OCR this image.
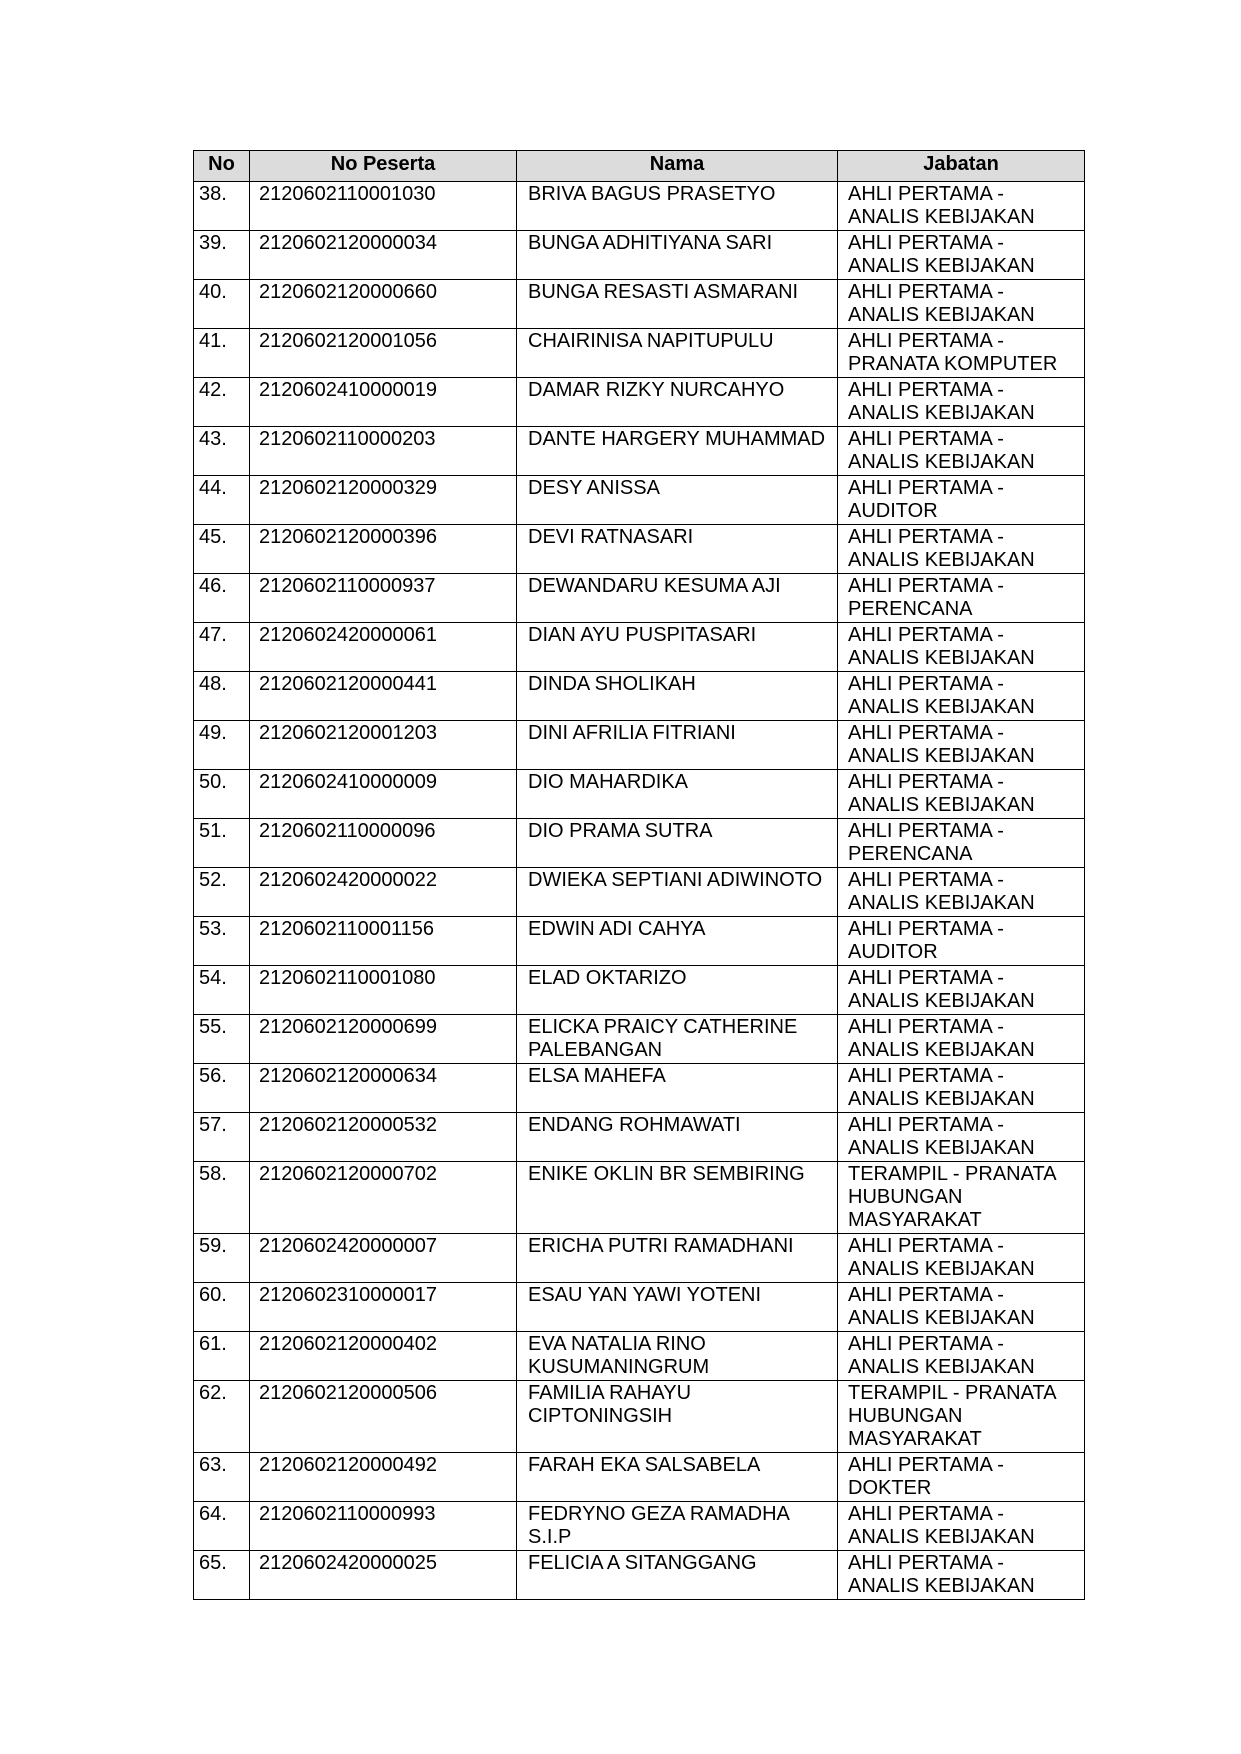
No	No Peserta	Nama	Jabatan
38.	2120602110001030	BRIVA BAGUS PRASETYO	AHLI PERTAMA -
ANALIS KEBIJAKAN

39.	2120602120000034	BUNGA ADHITIYANA SARI	AHLI PERTAMA -
ANALIS KEBIJAKAN

40.	2120602120000660	BUNGA RESASTI ASMARANI	AHLI PERTAMA -
ANALIS KEBIJAKAN

41.	2120602120001056	CHAIRINISA NAPITUPULU	AHLI PERTAMA -
PRANATA KOMPUTER

42.	2120602410000019	DAMAR RIZKY NURCAHYO	AHLI PERTAMA -
ANALIS KEBIJAKAN

43.	2120602110000203	DANTE HARGERY MUHAMMAD	AHLI PERTAMA -
ANALIS KEBIJAKAN

44.	2120602120000329	DESY ANISSA	AHLI PERTAMA -
AUDITOR

45.	2120602120000396	DEVI RATNASARI	AHLI PERTAMA -
ANALIS KEBIJAKAN

46.	2120602110000937	DEWANDARU KESUMA AJI	AHLI PERTAMA -
PERENCANA

47.	2120602420000061	DIAN AYU PUSPITASARI	AHLI PERTAMA -
ANALIS KEBIJAKAN

48.	2120602120000441	DINDA SHOLIKAH	AHLI PERTAMA -
ANALIS KEBIJAKAN

49.	2120602120001203	DINI AFRILIA FITRIANI	AHLI PERTAMA -
ANALIS KEBIJAKAN

50.	2120602410000009	DIO MAHARDIKA	AHLI PERTAMA -
ANALIS KEBIJAKAN

51.	2120602110000096	DIO PRAMA SUTRA	AHLI PERTAMA -
PERENCANA

52.	2120602420000022	DWIEKA SEPTIANI ADIWINOTO	AHLI PERTAMA -
ANALIS KEBIJAKAN

53.	2120602110001156	EDWIN ADI CAHYA	AHLI PERTAMA -
AUDITOR

54.	2120602110001080	ELAD OKTARIZO	AHLI PERTAMA -
ANALIS KEBIJAKAN

55.	2120602120000699	ELICKA PRAICY CATHERINE PALEBANGAN	AHLI PERTAMA -
ANALIS KEBIJAKAN

56.	2120602120000634	ELSA MAHEFA	AHLI PERTAMA -
ANALIS KEBIJAKAN

57.	2120602120000532	ENDANG ROHMAWATI	AHLI PERTAMA -
ANALIS KEBIJAKAN

58.	2120602120000702	ENIKE OKLIN BR SEMBIRING	TERAMPIL - PRANATA
HUBUNGAN
MASYARAKAT

59.	2120602420000007	ERICHA PUTRI RAMADHANI	AHLI PERTAMA -
ANALIS KEBIJAKAN

60.	2120602310000017	ESAU YAN YAWI YOTENI	AHLI PERTAMA -
ANALIS KEBIJAKAN

61.	2120602120000402	EVA NATALIA RINO KUSUMANINGRUM	AHLI PERTAMA -
ANALIS KEBIJAKAN

62.	2120602120000506	FAMILIA RAHAYU CIPTONINGSIH	TERAMPIL - PRANATA
HUBUNGAN
MASYARAKAT

63.	2120602120000492	FARAH EKA SALSABELA	AHLI PERTAMA -
DOKTER

64.	2120602110000993	FEDRYNO GEZA RAMADHA S.I.P	AHLI PERTAMA -
ANALIS KEBIJAKAN

65.	2120602420000025	FELICIA A SITANGGANG	AHLI PERTAMA -
ANALIS KEBIJAKAN
